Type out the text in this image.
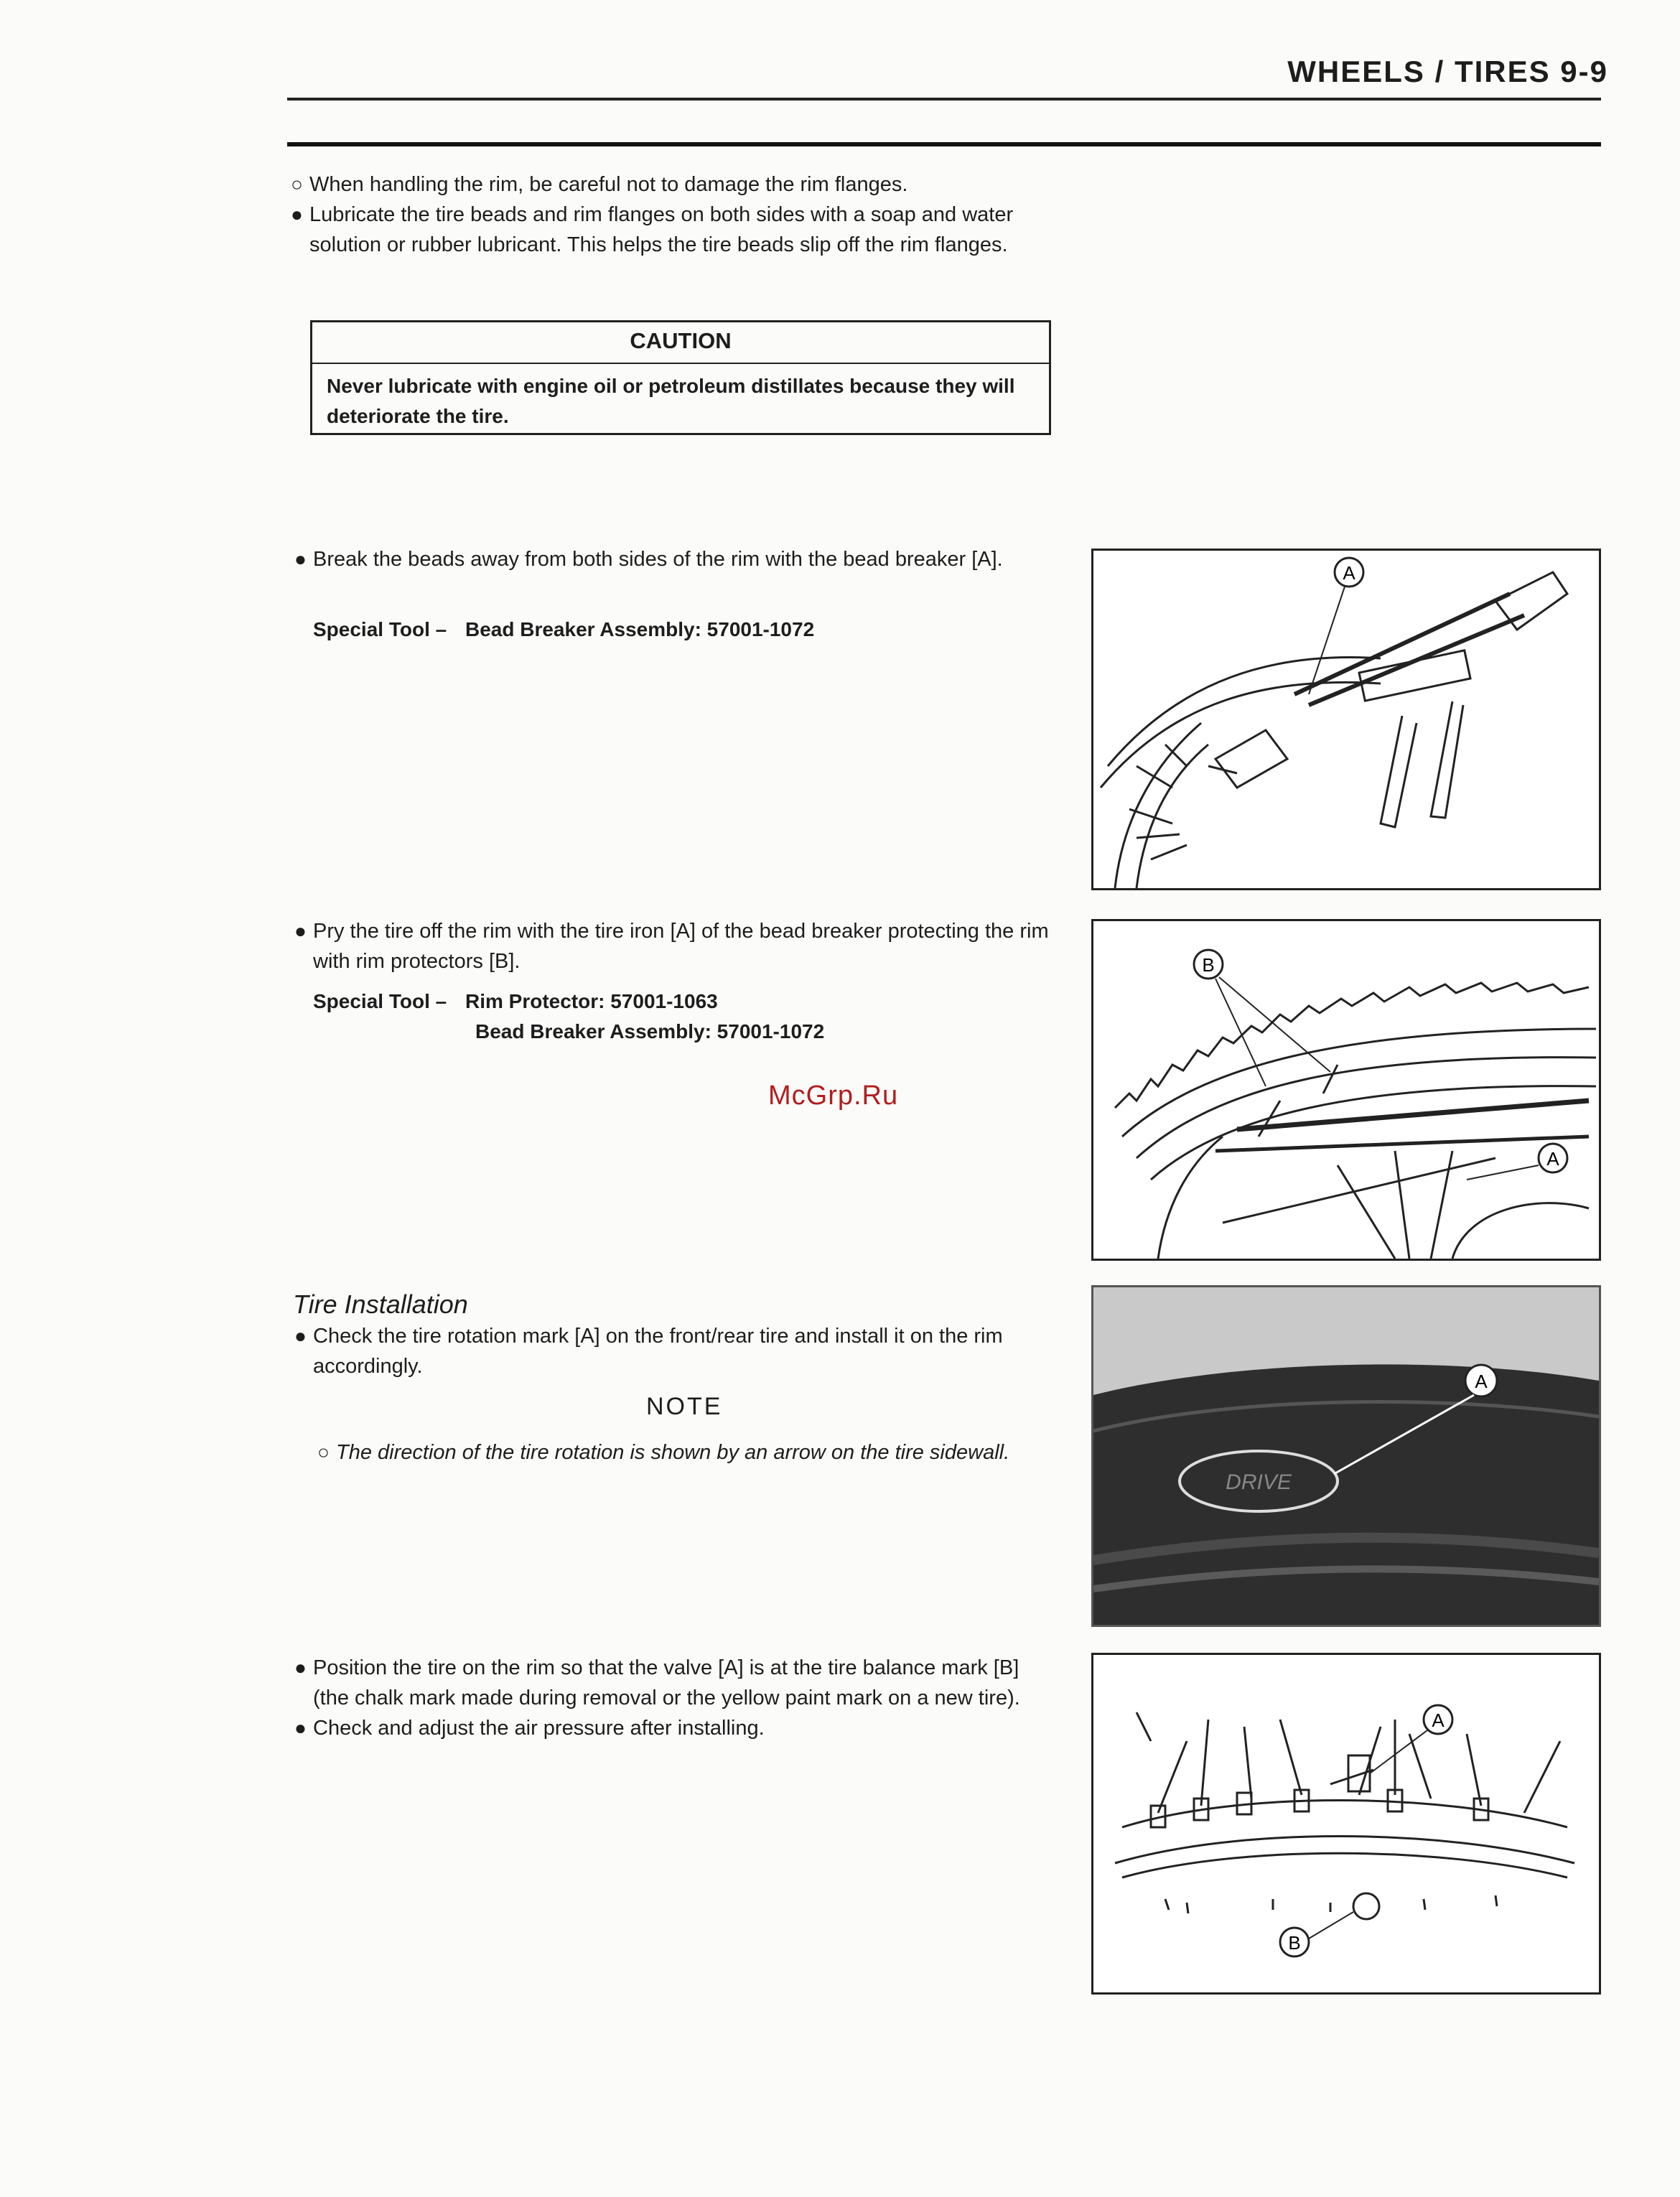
WHEELS / TIRES 9-9
○ When handling the rim, be careful not to damage the rim flanges.
● Lubricate the tire beads and rim flanges on both sides with a soap and water solution or rubber lubricant. This helps the tire beads slip off the rim flanges.
CAUTION
Never lubricate with engine oil or petroleum distillates because they will deteriorate the tire.
● Break the beads away from both sides of the rim with the bead breaker [A].
Special Tool – Bead Breaker Assembly: 57001-1072
● Pry the tire off the rim with the tire iron [A] of the bead breaker protecting the rim with rim protectors [B].
Special Tool – Rim Protector: 57001-1063
Bead Breaker Assembly: 57001-1072
McGrp.Ru
Tire Installation
● Check the tire rotation mark [A] on the front/rear tire and install it on the rim accordingly.
NOTE
○ The direction of the tire rotation is shown by an arrow on the tire sidewall.
● Position the tire on the rim so that the valve [A] is at the tire balance mark [B] (the chalk mark made during removal or the yellow paint mark on a new tire).
● Check and adjust the air pressure after installing.
A
B
A
DRIVE
A
A
B
